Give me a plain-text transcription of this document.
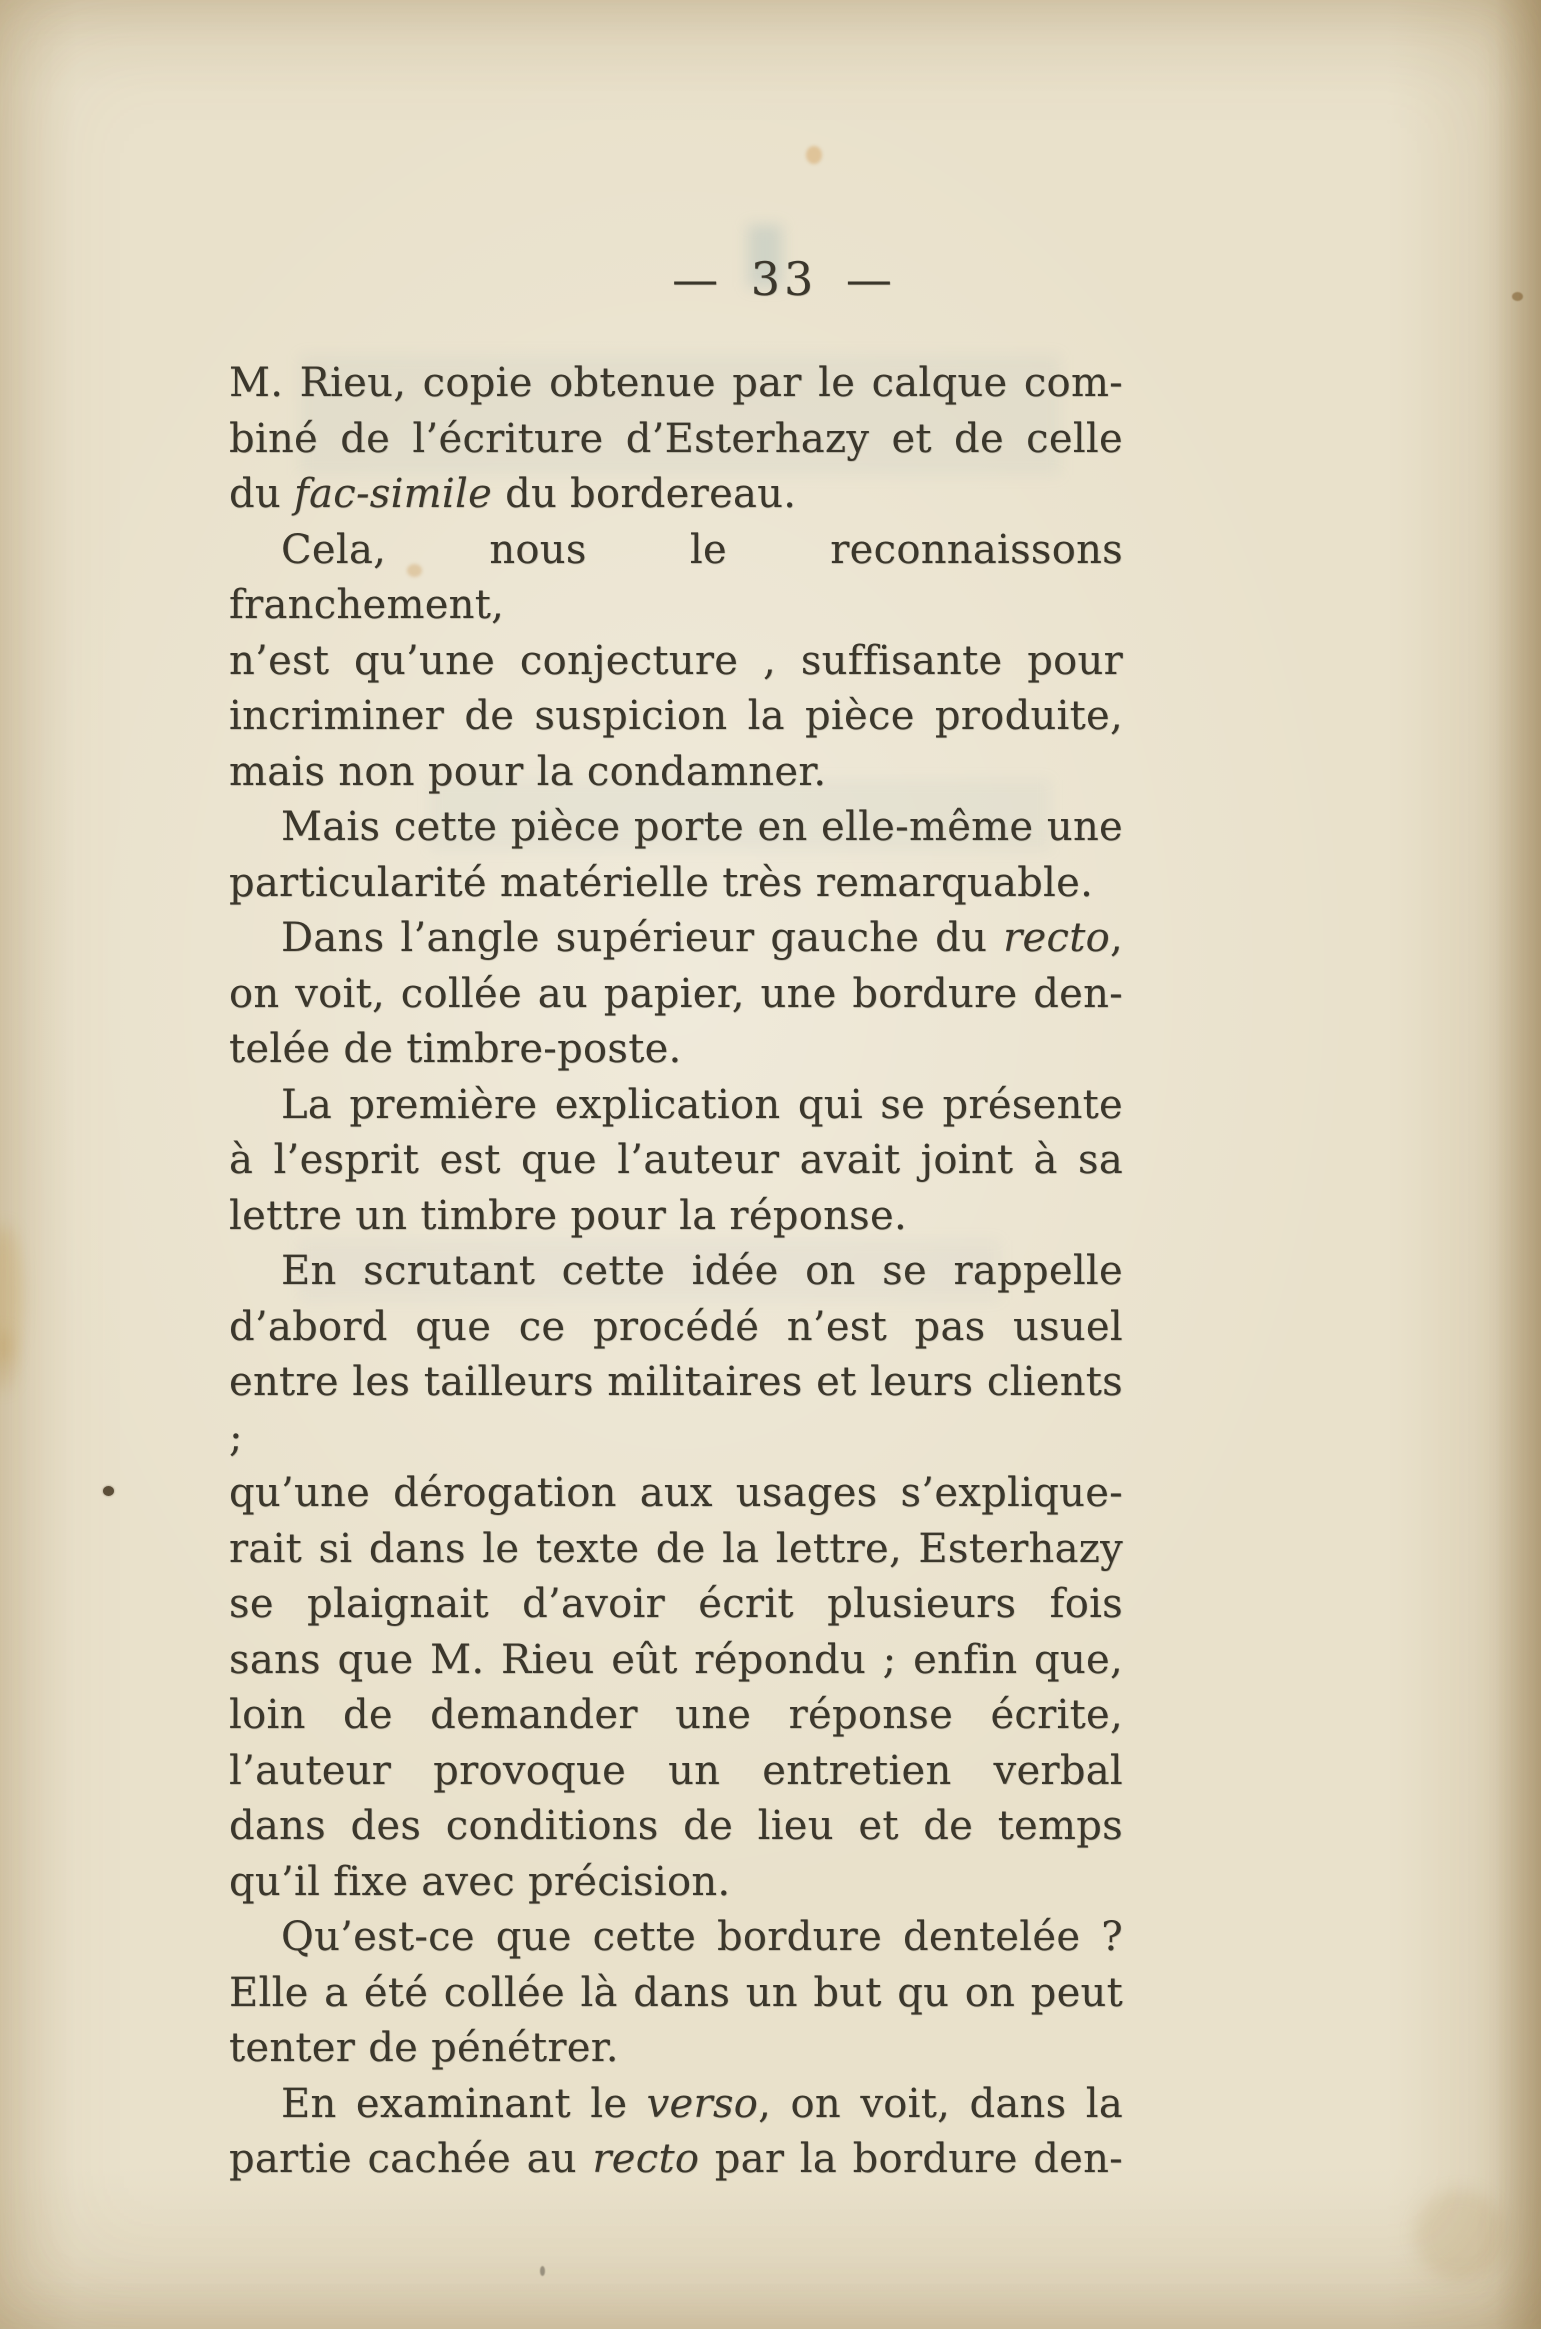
— 33 —
M. Rieu, copie obtenue par le calque com-
biné de l’écriture d’Esterhazy et de celle
du fac-simile du bordereau.
Cela, nous le reconnaissons franchement,
n’est qu’une conjecture , suffisante pour
incriminer de suspicion la pièce produite,
mais non pour la condamner.
Mais cette pièce porte en elle-même une
particularité matérielle très remarquable.
Dans l’angle supérieur gauche du recto,
on voit, collée au papier, une bordure den-
telée de timbre-poste.
La première explication qui se présente
à l’esprit est que l’auteur avait joint à sa
lettre un timbre pour la réponse.
En scrutant cette idée on se rappelle
d’abord que ce procédé n’est pas usuel
entre les tailleurs militaires et leurs clients ;
qu’une dérogation aux usages s’explique-
rait si dans le texte de la lettre, Esterhazy
se plaignait d’avoir écrit plusieurs fois
sans que M. Rieu eût répondu ; enfin que,
loin de demander une réponse écrite,
l’auteur provoque un entretien verbal
dans des conditions de lieu et de temps
qu’il fixe avec précision.
Qu’est-ce que cette bordure dentelée ?
Elle a été collée là dans un but qu on peut
tenter de pénétrer.
En examinant le verso, on voit, dans la
partie cachée au recto par la bordure den-
